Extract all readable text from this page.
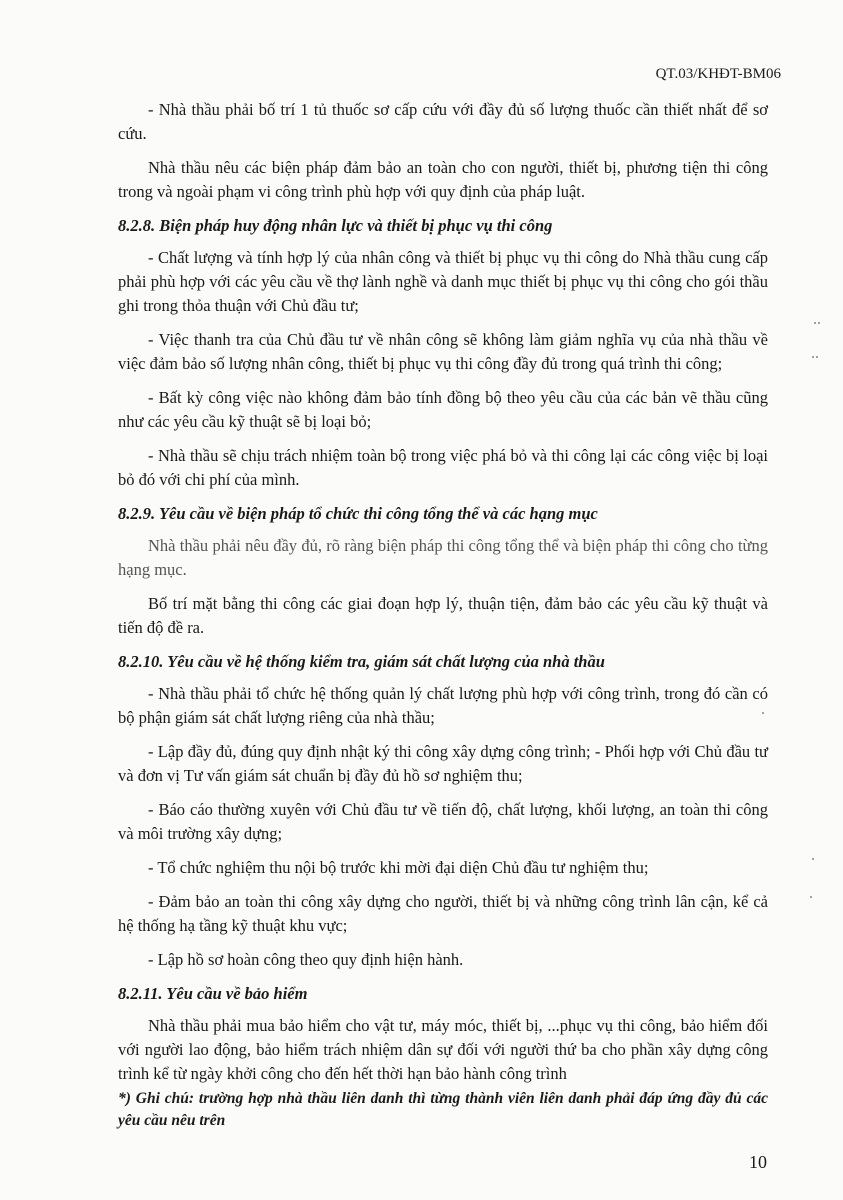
QT.03/KHĐT-BM06

- Nhà thầu phải bố trí 1 tủ thuốc sơ cấp cứu với đầy đủ số lượng thuốc cần thiết nhất để sơ cứu.

Nhà thầu nêu các biện pháp đảm bảo an toàn cho con người, thiết bị, phương tiện thi công trong và ngoài phạm vi công trình phù hợp với quy định của pháp luật.

8.2.8. Biện pháp huy động nhân lực và thiết bị phục vụ thi công

- Chất lượng và tính hợp lý của nhân công và thiết bị phục vụ thi công do Nhà thầu cung cấp phải phù hợp với các yêu cầu về thợ lành nghề và danh mục thiết bị phục vụ thi công cho gói thầu ghi trong thỏa thuận với Chủ đầu tư;

- Việc thanh tra của Chủ đầu tư về nhân công sẽ không làm giảm nghĩa vụ của nhà thầu về việc đảm bảo số lượng nhân công, thiết bị phục vụ thi công đầy đủ trong quá trình thi công;

- Bất kỳ công việc nào không đảm bảo tính đồng bộ theo yêu cầu của các bản vẽ thầu cũng như các yêu cầu kỹ thuật sẽ bị loại bỏ;

- Nhà thầu sẽ chịu trách nhiệm toàn bộ trong việc phá bỏ và thi công lại các công việc bị loại bỏ đó với chi phí của mình.

8.2.9. Yêu cầu về biện pháp tổ chức thi công tổng thể và các hạng mục

Nhà thầu phải nêu đầy đủ, rõ ràng biện pháp thi công tổng thể và biện pháp thi công cho từng hạng mục.

Bố trí mặt bằng thi công các giai đoạn hợp lý, thuận tiện, đảm bảo các yêu cầu kỹ thuật và tiến độ đề ra.

8.2.10. Yêu cầu về hệ thống kiểm tra, giám sát chất lượng của nhà thầu

- Nhà thầu phải tổ chức hệ thống quản lý chất lượng phù hợp với công trình, trong đó cần có bộ phận giám sát chất lượng riêng của nhà thầu;

- Lập đầy đủ, đúng quy định nhật ký thi công xây dựng công trình; - Phối hợp với Chủ đầu tư và đơn vị Tư vấn giám sát chuẩn bị đầy đủ hồ sơ nghiệm thu;

- Báo cáo thường xuyên với Chủ đầu tư về tiến độ, chất lượng, khối lượng, an toàn thi công và môi trường xây dựng;

- Tổ chức nghiệm thu nội bộ trước khi mời đại diện Chủ đầu tư nghiệm thu;

- Đảm bảo an toàn thi công xây dựng cho người, thiết bị và những công trình lân cận, kể cả hệ thống hạ tầng kỹ thuật khu vực;

- Lập hồ sơ hoàn công theo quy định hiện hành.

8.2.11. Yêu cầu về bảo hiểm

Nhà thầu phải mua bảo hiểm cho vật tư, máy móc, thiết bị, ...phục vụ thi công, bảo hiểm đối với người lao động, bảo hiểm trách nhiệm dân sự đối với người thứ ba cho phần xây dựng công trình kể từ ngày khởi công cho đến hết thời hạn bảo hành công trình

*) Ghi chú: trường hợp nhà thầu liên danh thì từng thành viên liên danh phải đáp ứng đầy đủ các yêu cầu nêu trên

10
